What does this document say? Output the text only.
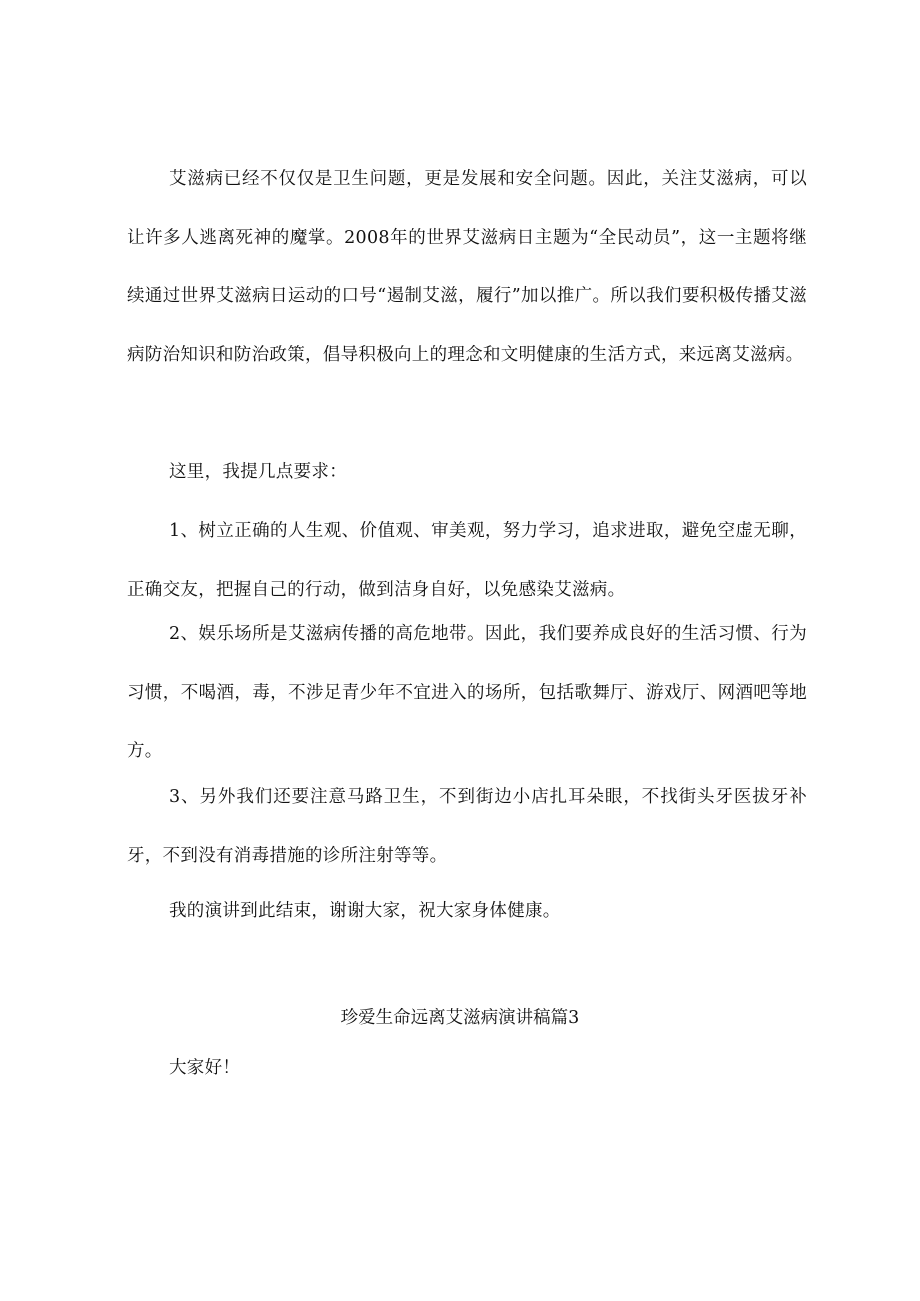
艾滋病已经不仅仅是卫生问题，更是发展和安全问题。因此，关注艾滋病，可以让许多人逃离死神的魔掌。2008年的世界艾滋病日主题为“全民动员”，这一主题将继续通过世界艾滋病日运动的口号“遏制艾滋，履行”加以推广。所以我们要积极传播艾滋病防治知识和防治政策，倡导积极向上的理念和文明健康的生活方式，来远离艾滋病。

这里，我提几点要求：

1、树立正确的人生观、价值观、审美观，努力学习，追求进取，避免空虚无聊，正确交友，把握自己的行动，做到洁身自好，以免感染艾滋病。

2、娱乐场所是艾滋病传播的高危地带。因此，我们要养成良好的生活习惯、行为习惯，不喝酒，毒，不涉足青少年不宜进入的场所，包括歌舞厅、游戏厅、网酒吧等地方。

3、另外我们还要注意马路卫生，不到街边小店扎耳朵眼，不找街头牙医拔牙补牙，不到没有消毒措施的诊所注射等等。

我的演讲到此结束，谢谢大家，祝大家身体健康。

珍爱生命远离艾滋病演讲稿篇3

大家好！
